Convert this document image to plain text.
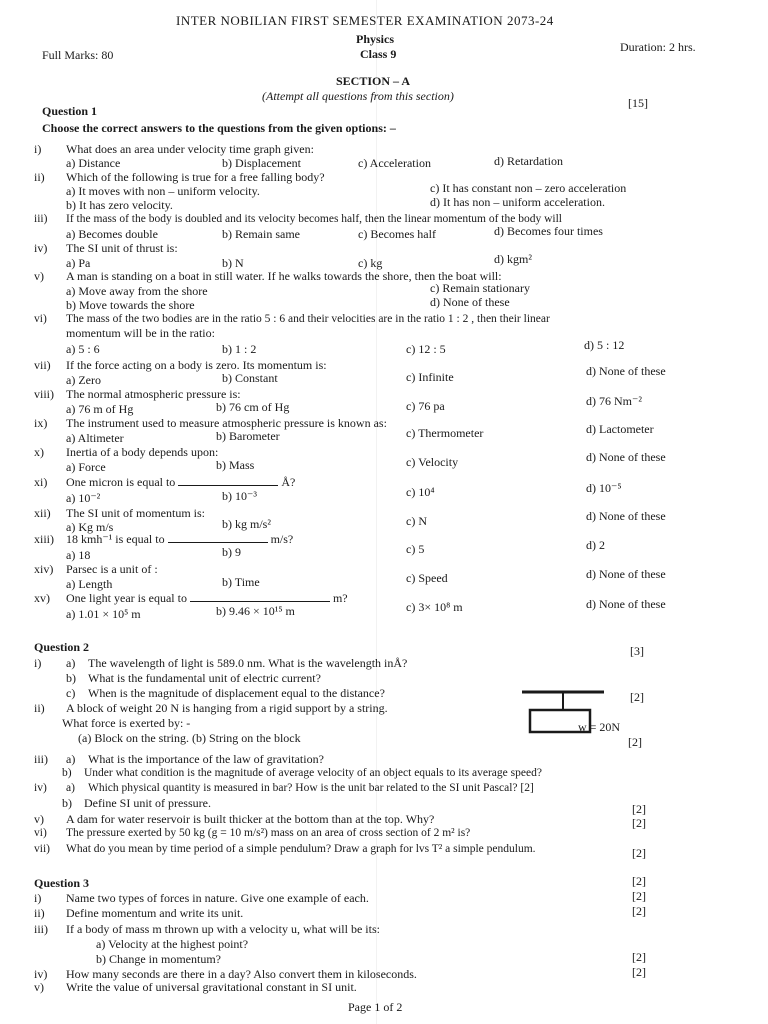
INTER NOBILIAN FIRST SEMESTER EXAMINATION 2073-24
Physics
Class 9
Full Marks: 80
Duration: 2 hrs.
SECTION – A
(Attempt all questions from this section)
Question 1
[15]
Choose the correct answers to the questions from the given options: –
i) What does an area under velocity time graph given:
a) Distance	b) Displacement	c) Acceleration	d) Retardation
ii) Which of the following is true for a free falling body?
a) It moves with non – uniform velocity.	c) It has constant non – zero acceleration
b) It has zero velocity.	d) It has non – uniform acceleration.
iii) If the mass of the body is doubled and its velocity becomes half, then the linear momentum of the body will
a) Becomes double	b) Remain same	c) Becomes half	d) Becomes four times
iv) The SI unit of thrust is:
a) Pa	b) N	c) kg	d) kgm²
v) A man is standing on a boat in still water. If he walks towards the shore, then the boat will:
a) Move away from the shore	c) Remain stationary
b) Move towards the shore	d) None of these
vi) The mass of the two bodies are in the ratio 5 : 6 and their velocities are in the ratio 1 : 2 , then their linear
momentum will be in the ratio:
a) 5 : 6	b) 1 : 2	c) 12 : 5	d) 5 : 12
vii) If the force acting on a body is zero. Its momentum is:
a) Zero	b) Constant	c) Infinite	d) None of these
viii) The normal atmospheric pressure is:
a) 76 m of Hg	b) 76 cm of Hg	c) 76 pa	d) 76 Nm⁻²
ix) The instrument used to measure atmospheric pressure is known as:
a) Altimeter	b) Barometer	c) Thermometer	d) Lactometer
x) Inertia of a body depends upon:
a) Force	b) Mass	c) Velocity	d) None of these
xi) One micron is equal to	Å?
a) 10⁻²	b) 10⁻³	c) 10⁴	d) 10⁻⁵
xii) The SI unit of momentum is:
a) Kg m/s	b) kg m/s²	c) N	d) None of these
xiii) 18 kmh⁻¹ is equal to	m/s?
a) 18	b) 9	c) 5	d) 2
xiv) Parsec is a unit of :
a) Length	b) Time	c) Speed	d) None of these
xv) One light year is equal to	m?
a) 1.01 × 10⁵ m	b) 9.46 × 10¹⁵ m	c) 3× 10⁸ m	d) None of these
Question 2
i) a) The wavelength of light is 589.0 nm. What is the wavelength inÅ?
[3]
b) What is the fundamental unit of electric current?
c) When is the magnitude of displacement equal to the distance?
ii) A block of weight 20 N is hanging from a rigid support by a string.
[2]
What force is exerted by: -
(a) Block on the string. (b) String on the block	[2]
w = 20N
iii) a) What is the importance of the law of gravitation?
b) Under what condition is the magnitude of average velocity of an object equals to its average speed?
iv) a) Which physical quantity is measured in bar? How is the unit bar related to the SI unit Pascal? [2]
b) Define SI unit of pressure.
v) A dam for water reservoir is built thicker at the bottom than at the top. Why?
[2]
vi) The pressure exerted by 50 kg (g = 10 m/s²) mass on an area of cross section of 2 m² is?
[2]
vii) What do you mean by time period of a simple pendulum? Draw a graph for lvs T² a simple pendulum.	[2]
Question 3
i) Name two types of forces in nature. Give one example of each.
[2]
ii) Define momentum and write its unit.
[2]
iii) If a body of mass m thrown up with a velocity u, what will be its:
[2]
a) Velocity at the highest point?
b) Change in momentum?
iv) How many seconds are there in a day? Also convert them in kiloseconds.
[2]
v) Write the value of universal gravitational constant in SI unit.
[2]
Page 1 of 2
